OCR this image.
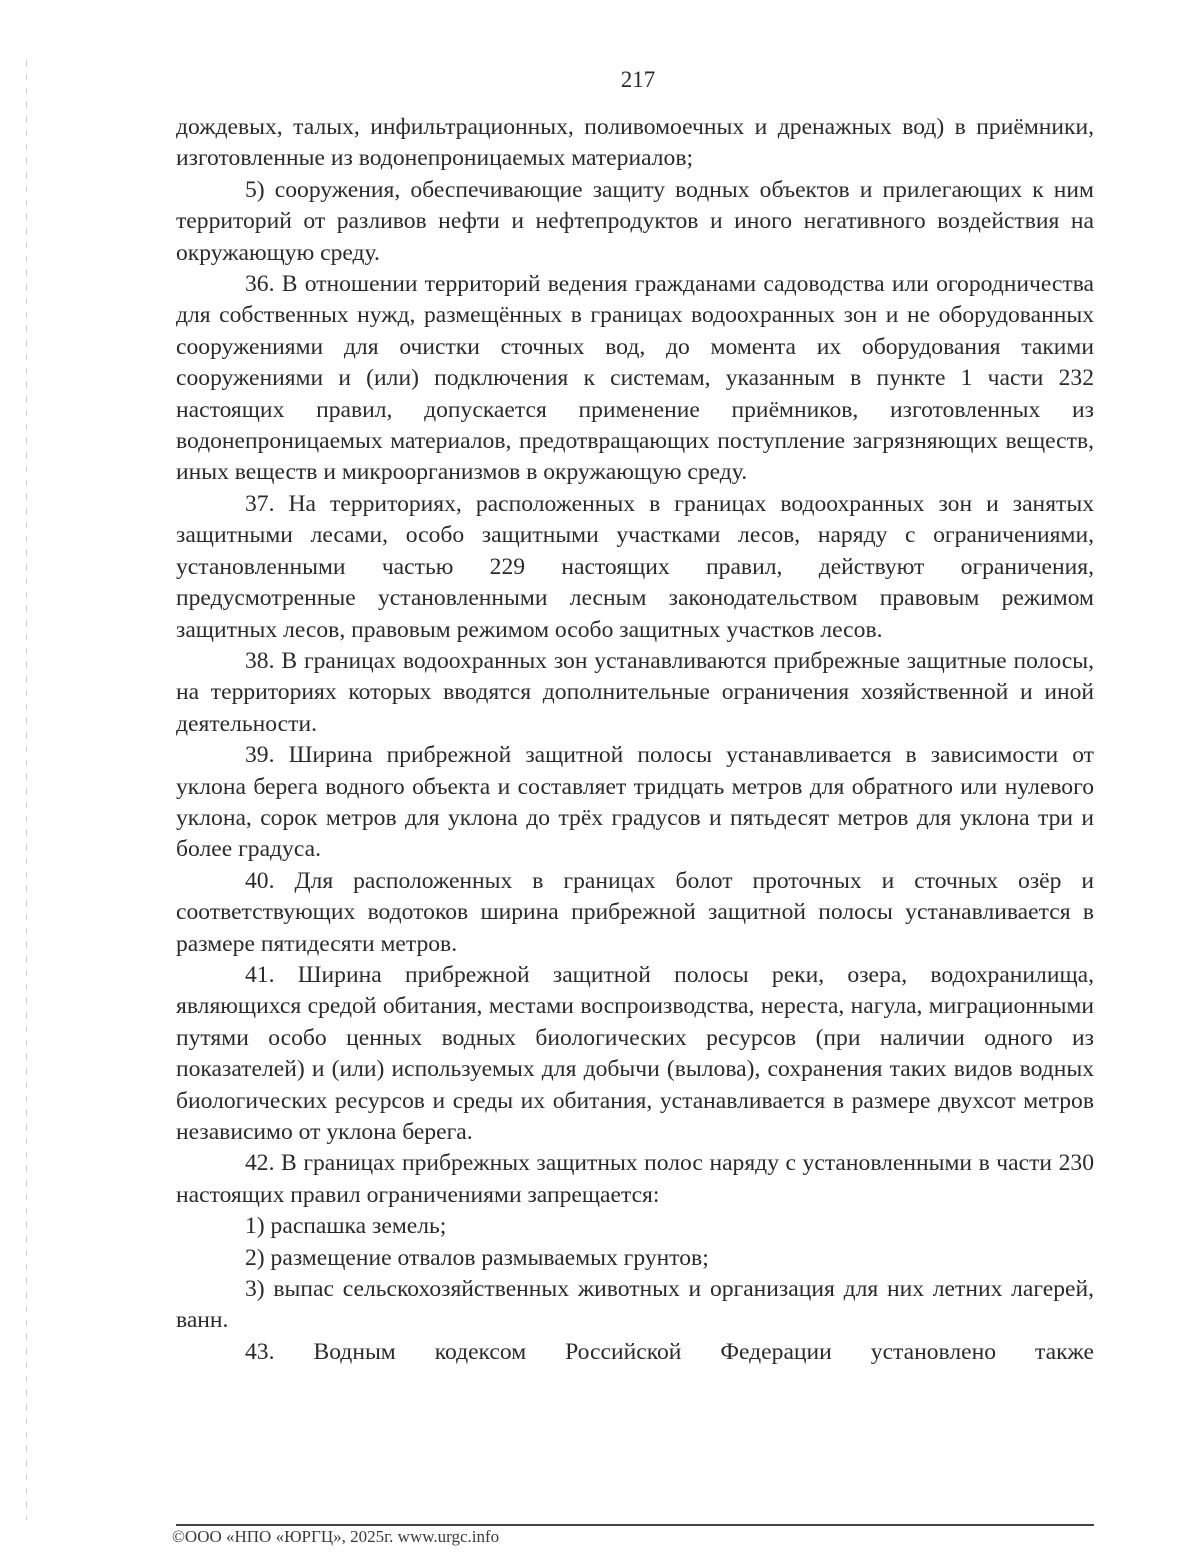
217

дождевых, талых, инфильтрационных, поливомоечных и дренажных вод) в приёмники, изготовленные из водонепроницаемых материалов;

5) сооружения, обеспечивающие защиту водных объектов и прилегающих к ним территорий от разливов нефти и нефтепродуктов и иного негативного воздействия на окружающую среду.

36. В отношении территорий ведения гражданами садоводства или огородничества для собственных нужд, размещённых в границах водоохранных зон и не оборудованных сооружениями для очистки сточных вод, до момента их оборудования такими сооружениями и (или) подключения к системам, указанным в пункте 1 части 232 настоящих правил, допускается применение приёмников, изготовленных из водонепроницаемых материалов, предотвращающих поступление загрязняющих веществ, иных веществ и микроорганизмов в окружающую среду.

37. На территориях, расположенных в границах водоохранных зон и занятых защитными лесами, особо защитными участками лесов, наряду с ограничениями, установленными частью 229 настоящих правил, действуют ограничения, предусмотренные установленными лесным законодательством правовым режимом защитных лесов, правовым режимом особо защитных участков лесов.

38. В границах водоохранных зон устанавливаются прибрежные защитные полосы, на территориях которых вводятся дополнительные ограничения хозяйственной и иной деятельности.

39. Ширина прибрежной защитной полосы устанавливается в зависимости от уклона берега водного объекта и составляет тридцать метров для обратного или нулевого уклона, сорок метров для уклона до трёх градусов и пятьдесят метров для уклона три и более градуса.

40. Для расположенных в границах болот проточных и сточных озёр и соответствующих водотоков ширина прибрежной защитной полосы устанавливается в размере пятидесяти метров.

41. Ширина прибрежной защитной полосы реки, озера, водохранилища, являющихся средой обитания, местами воспроизводства, нереста, нагула, миграционными путями особо ценных водных биологических ресурсов (при наличии одного из показателей) и (или) используемых для добычи (вылова), сохранения таких видов водных биологических ресурсов и среды их обитания, устанавливается в размере двухсот метров независимо от уклона берега.

42. В границах прибрежных защитных полос наряду с установленными в части 230 настоящих правил ограничениями запрещается:

1) распашка земель;

2) размещение отвалов размываемых грунтов;

3) выпас сельскохозяйственных животных и организация для них летних лагерей, ванн.

43. Водным кодексом Российской Федерации установлено также

©ООО «НПО «ЮРГЦ», 2025г. www.urgc.info
